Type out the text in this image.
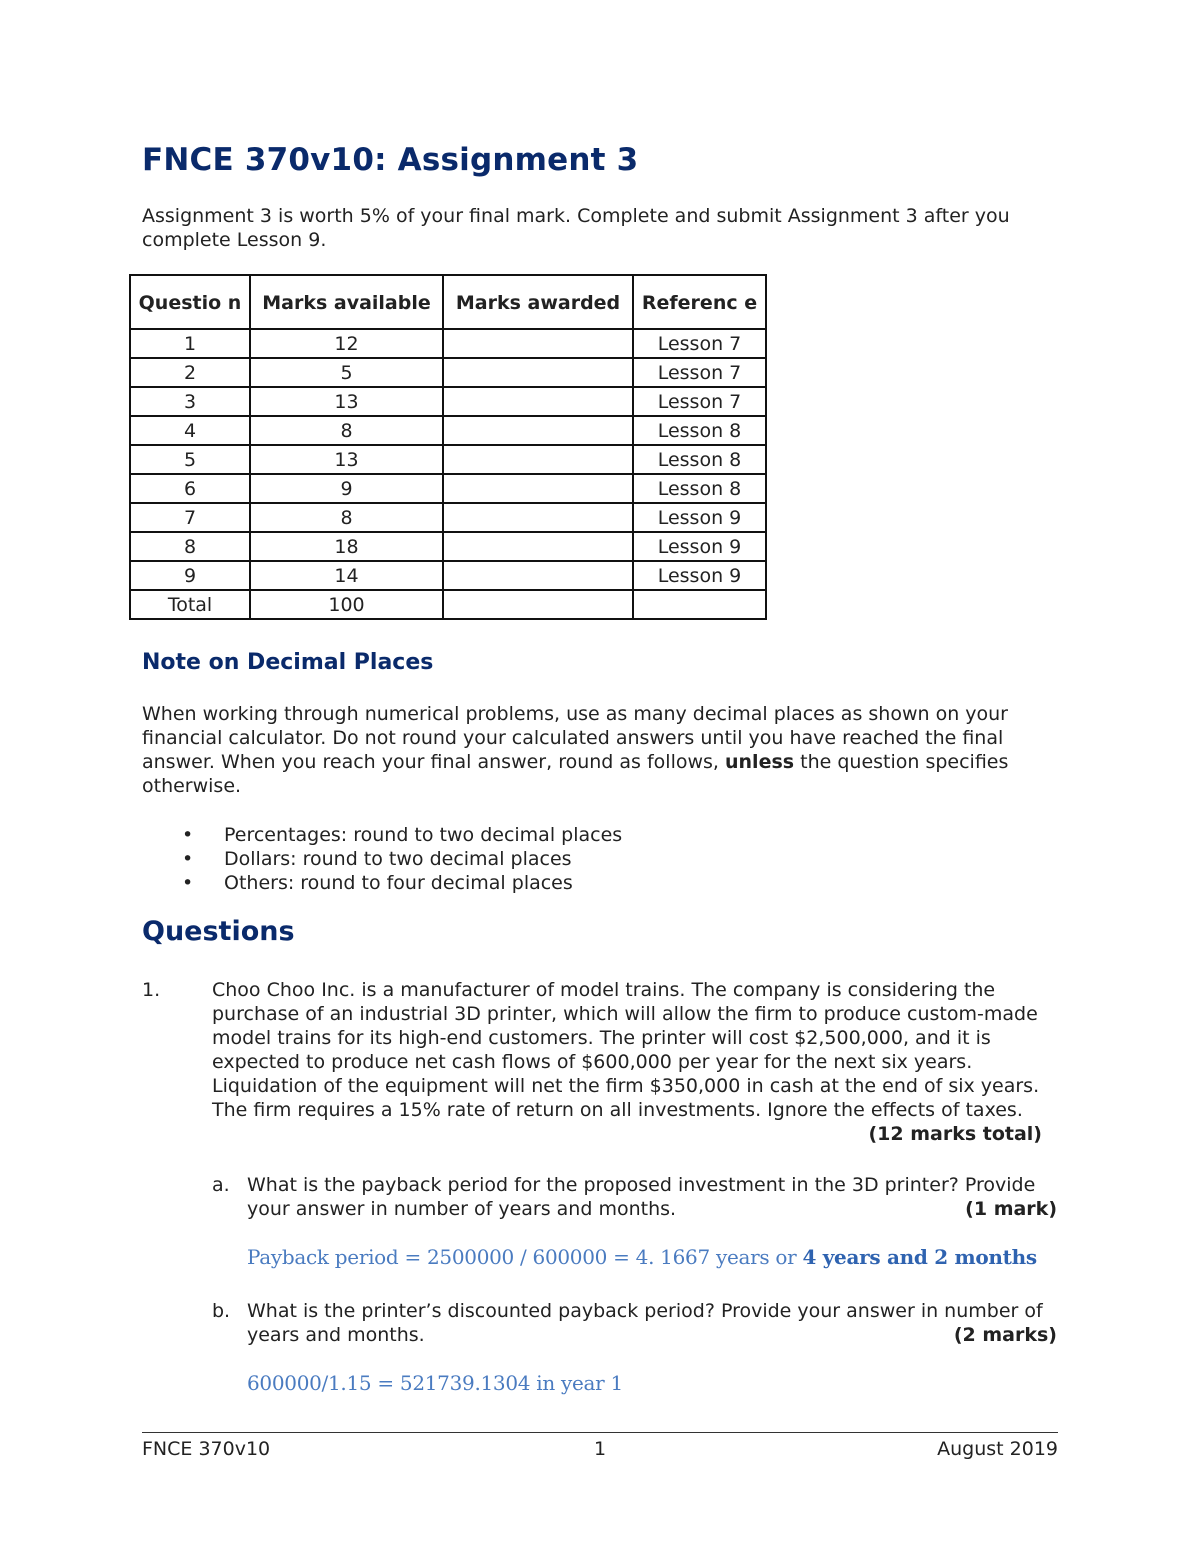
FNCE 370v10: Assignment 3

Assignment 3 is worth 5% of your final mark. Complete and submit Assignment 3 after you complete Lesson 9.

Questio n	Marks available	Marks awarded	Referenc e
1	12		Lesson 7
2	5		Lesson 7
3	13		Lesson 7
4	8		Lesson 8
5	13		Lesson 8
6	9		Lesson 8
7	8		Lesson 9
8	18		Lesson 9
9	14		Lesson 9
Total	100		
Note on Decimal Places

When working through numerical problems, use as many decimal places as shown on your financial calculator. Do not round your calculated answers until you have reached the final answer. When you reach your final answer, round as follows, unless the question specifies otherwise.

• Percentages: round to two decimal places
• Dollars: round to two decimal places
• Others: round to four decimal places
Questions

1.	Choo Choo Inc. is a manufacturer of model trains. The company is considering the purchase of an industrial 3D printer, which will allow the firm to produce custom-made model trains for its high-end customers. The printer will cost $2,500,000, and it is expected to produce net cash flows of $600,000 per year for the next six years. Liquidation of the equipment will net the firm $350,000 in cash at the end of six years. The firm requires a 15% rate of return on all investments. Ignore the effects of taxes.
(12 marks total)

a. What is the payback period for the proposed investment in the 3D printer? Provide your answer in number of years and months.	(1 mark)

Payback period = 2500000 / 600000 = 4. 1667 years or 4 years and 2 months

b. What is the printer’s discounted payback period? Provide your answer in number of years and months.	(2 marks)

600000/1.15 = 521739.1304 in year 1

FNCE 370v10	1	August 2019
